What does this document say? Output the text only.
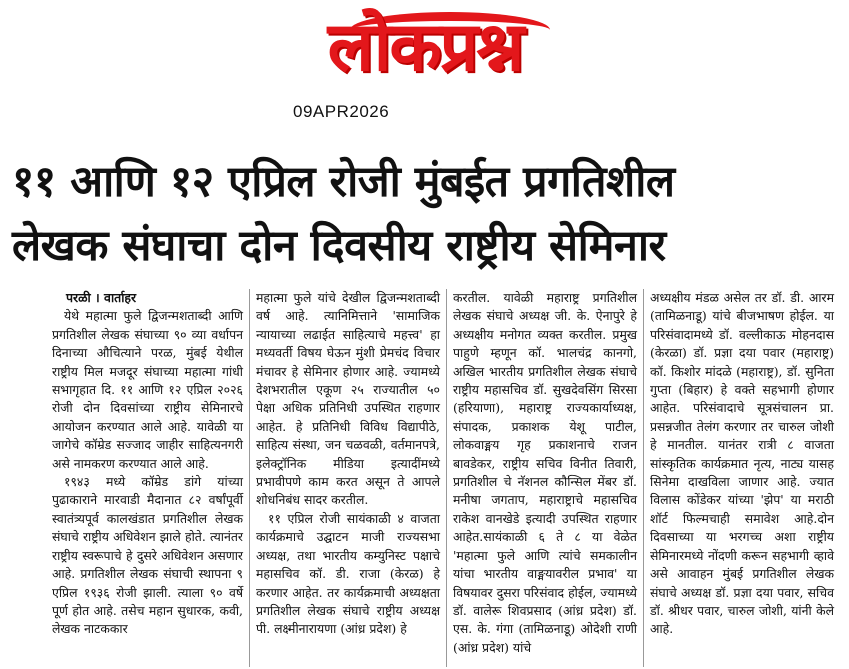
लोकप्रश्न
09APR2026
११ आणि १२ एप्रिल रोजी मुंबईत प्रगतिशील
लेखक संघाचा दोन दिवसीय राष्ट्रीय सेमिनार
परळी । वार्ताहर

येथे महात्मा फुले द्विजन्मशताब्दी आणि प्रगतिशील लेखक संघाच्या ९० व्या वर्धापन दिनाच्या औचित्याने परळ, मुंबई येथील राष्ट्रीय मिल मजदूर संघाच्या महात्मा गांधी सभागृहात दि. ११ आणि १२ एप्रिल २०२६ रोजी दोन दिवसांच्या राष्ट्रीय सेमिनारचे आयोजन करण्यात आले आहे. यावेळी या जागेचे कॉम्रेड सज्जाद जाहीर साहित्यनगरी असे नामकरण करण्यात आले आहे.

१९४३ मध्ये कॉम्रेड डांगे यांच्या पुढाकाराने मारवाडी मैदानात ८२ वर्षांपूर्वी स्वातंत्र्यपूर्व कालखंडात प्रगतिशील लेखक संघाचे राष्ट्रीय अधिवेशन झाले होते. त्यानंतर राष्ट्रीय स्वरूपाचे हे दुसरे अधिवेशन असणार आहे. प्रगतिशील लेखक संघाची स्थापना ९ एप्रिल १९३६ रोजी झाली. त्याला ९० वर्षे पूर्ण होत आहे. तसेच महान सुधारक, कवी, लेखक नाटककार

महात्मा फुले यांचे देखील द्विजन्मशताब्दी वर्ष आहे. त्यानिमित्ताने 'सामाजिक न्यायाच्या लढाईत साहित्याचे महत्त्व' हा मध्यवर्ती विषय घेऊन मुंशी प्रेमचंद विचार मंचावर हे सेमिनार होणार आहे. ज्यामध्ये देशभरातील एकूण २५ राज्यातील ५० पेक्षा अधिक प्रतिनिधी उपस्थित राहणार आहेत. हे प्रतिनिधी विविध विद्यापीठे, साहित्य संस्था, जन चळवळी, वर्तमानपत्रे, इलेक्ट्रॉनिक मीडिया इत्यादींमध्ये प्रभावीपणे काम करत असून ते आपले शोधनिबंध सादर करतील.

११ एप्रिल रोजी सायंकाळी ४ वाजता कार्यक्रमाचे उद्घाटन माजी राज्यसभा अध्यक्ष, तथा भारतीय कम्युनिस्ट पक्षाचे महासचिव कॉ. डी. राजा (केरळ) हे करणार आहेत. तर कार्यक्रमाची अध्यक्षता प्रगतिशील लेखक संघाचे राष्ट्रीय अध्यक्ष पी. लक्ष्मीनारायणा (आंध्र प्रदेश) हे

करतील. यावेळी महाराष्ट्र प्रगतिशील लेखक संघाचे अध्यक्ष जी. के. ऐनापुरे हे अध्यक्षीय मनोगत व्यक्त करतील. प्रमुख पाहुणे म्हणून कॉ. भालचंद्र कानगो, अखिल भारतीय प्रगतिशील लेखक संघाचे राष्ट्रीय महासचिव डॉ. सुखदेवसिंग सिरसा (हरियाणा), महाराष्ट्र राज्यकार्याध्यक्ष, संपादक, प्रकाशक येशू पाटील, लोकवाङ्मय गृह प्रकाशनाचे राजन बावडेकर, राष्ट्रीय सचिव विनीत तिवारी, प्रगतिशील चे नॅशनल कौन्सिल मेंबर डॉ. मनीषा जगताप, महाराष्ट्राचे महासचिव राकेश वानखेडे इत्यादी उपस्थित राहणार आहेत.सायंकाळी ६ ते ८ या वेळेत 'महात्मा फुले आणि त्यांचे समकालीन यांचा भारतीय वाङ्मयावरील प्रभाव' या विषयावर दुसरा परिसंवाद होईल, ज्यामध्ये डॉ. वालेरू शिवप्रसाद (आंध्र प्रदेश) डॉ. एस. के. गंगा (तामिळनाडू) ओदेशी राणी (आंध्र प्रदेश) यांचे

अध्यक्षीय मंडळ असेल तर डॉ. डी. आरम (तामिळनाडू) यांचे बीजभाषण होईल. या परिसंवादामध्ये डॉ. वल्लीकाऊ मोहनदास (केरळा) डॉ. प्रज्ञा दया पवार (महाराष्ट्र) कॉ. किशोर मांदळे (महाराष्ट्र), डॉ. सुनिता गुप्ता (बिहार) हे वक्ते सहभागी होणार आहेत. परिसंवादाचे सूत्रसंचालन प्रा. प्रसन्नजीत तेलंग करणार तर चारुल जोशी हे मानतील. यानंतर रात्री ८ वाजता सांस्कृतिक कार्यक्रमात नृत्य, नाट्य यासह सिनेमा दाखविला जाणार आहे. ज्यात विलास कोंडेकर यांच्या 'झेप' या मराठी शॉर्ट फिल्मचाही समावेश आहे.दोन दिवसाच्या या भरगच्च अशा राष्ट्रीय सेमिनारमध्ये नोंदणी करून सहभागी व्हावे असे आवाहन मुंबई प्रगतिशील लेखक संघाचे अध्यक्ष डॉ. प्रज्ञा दया पवार, सचिव डॉ. श्रीधर पवार, चारुल जोशी, यांनी केले आहे.
